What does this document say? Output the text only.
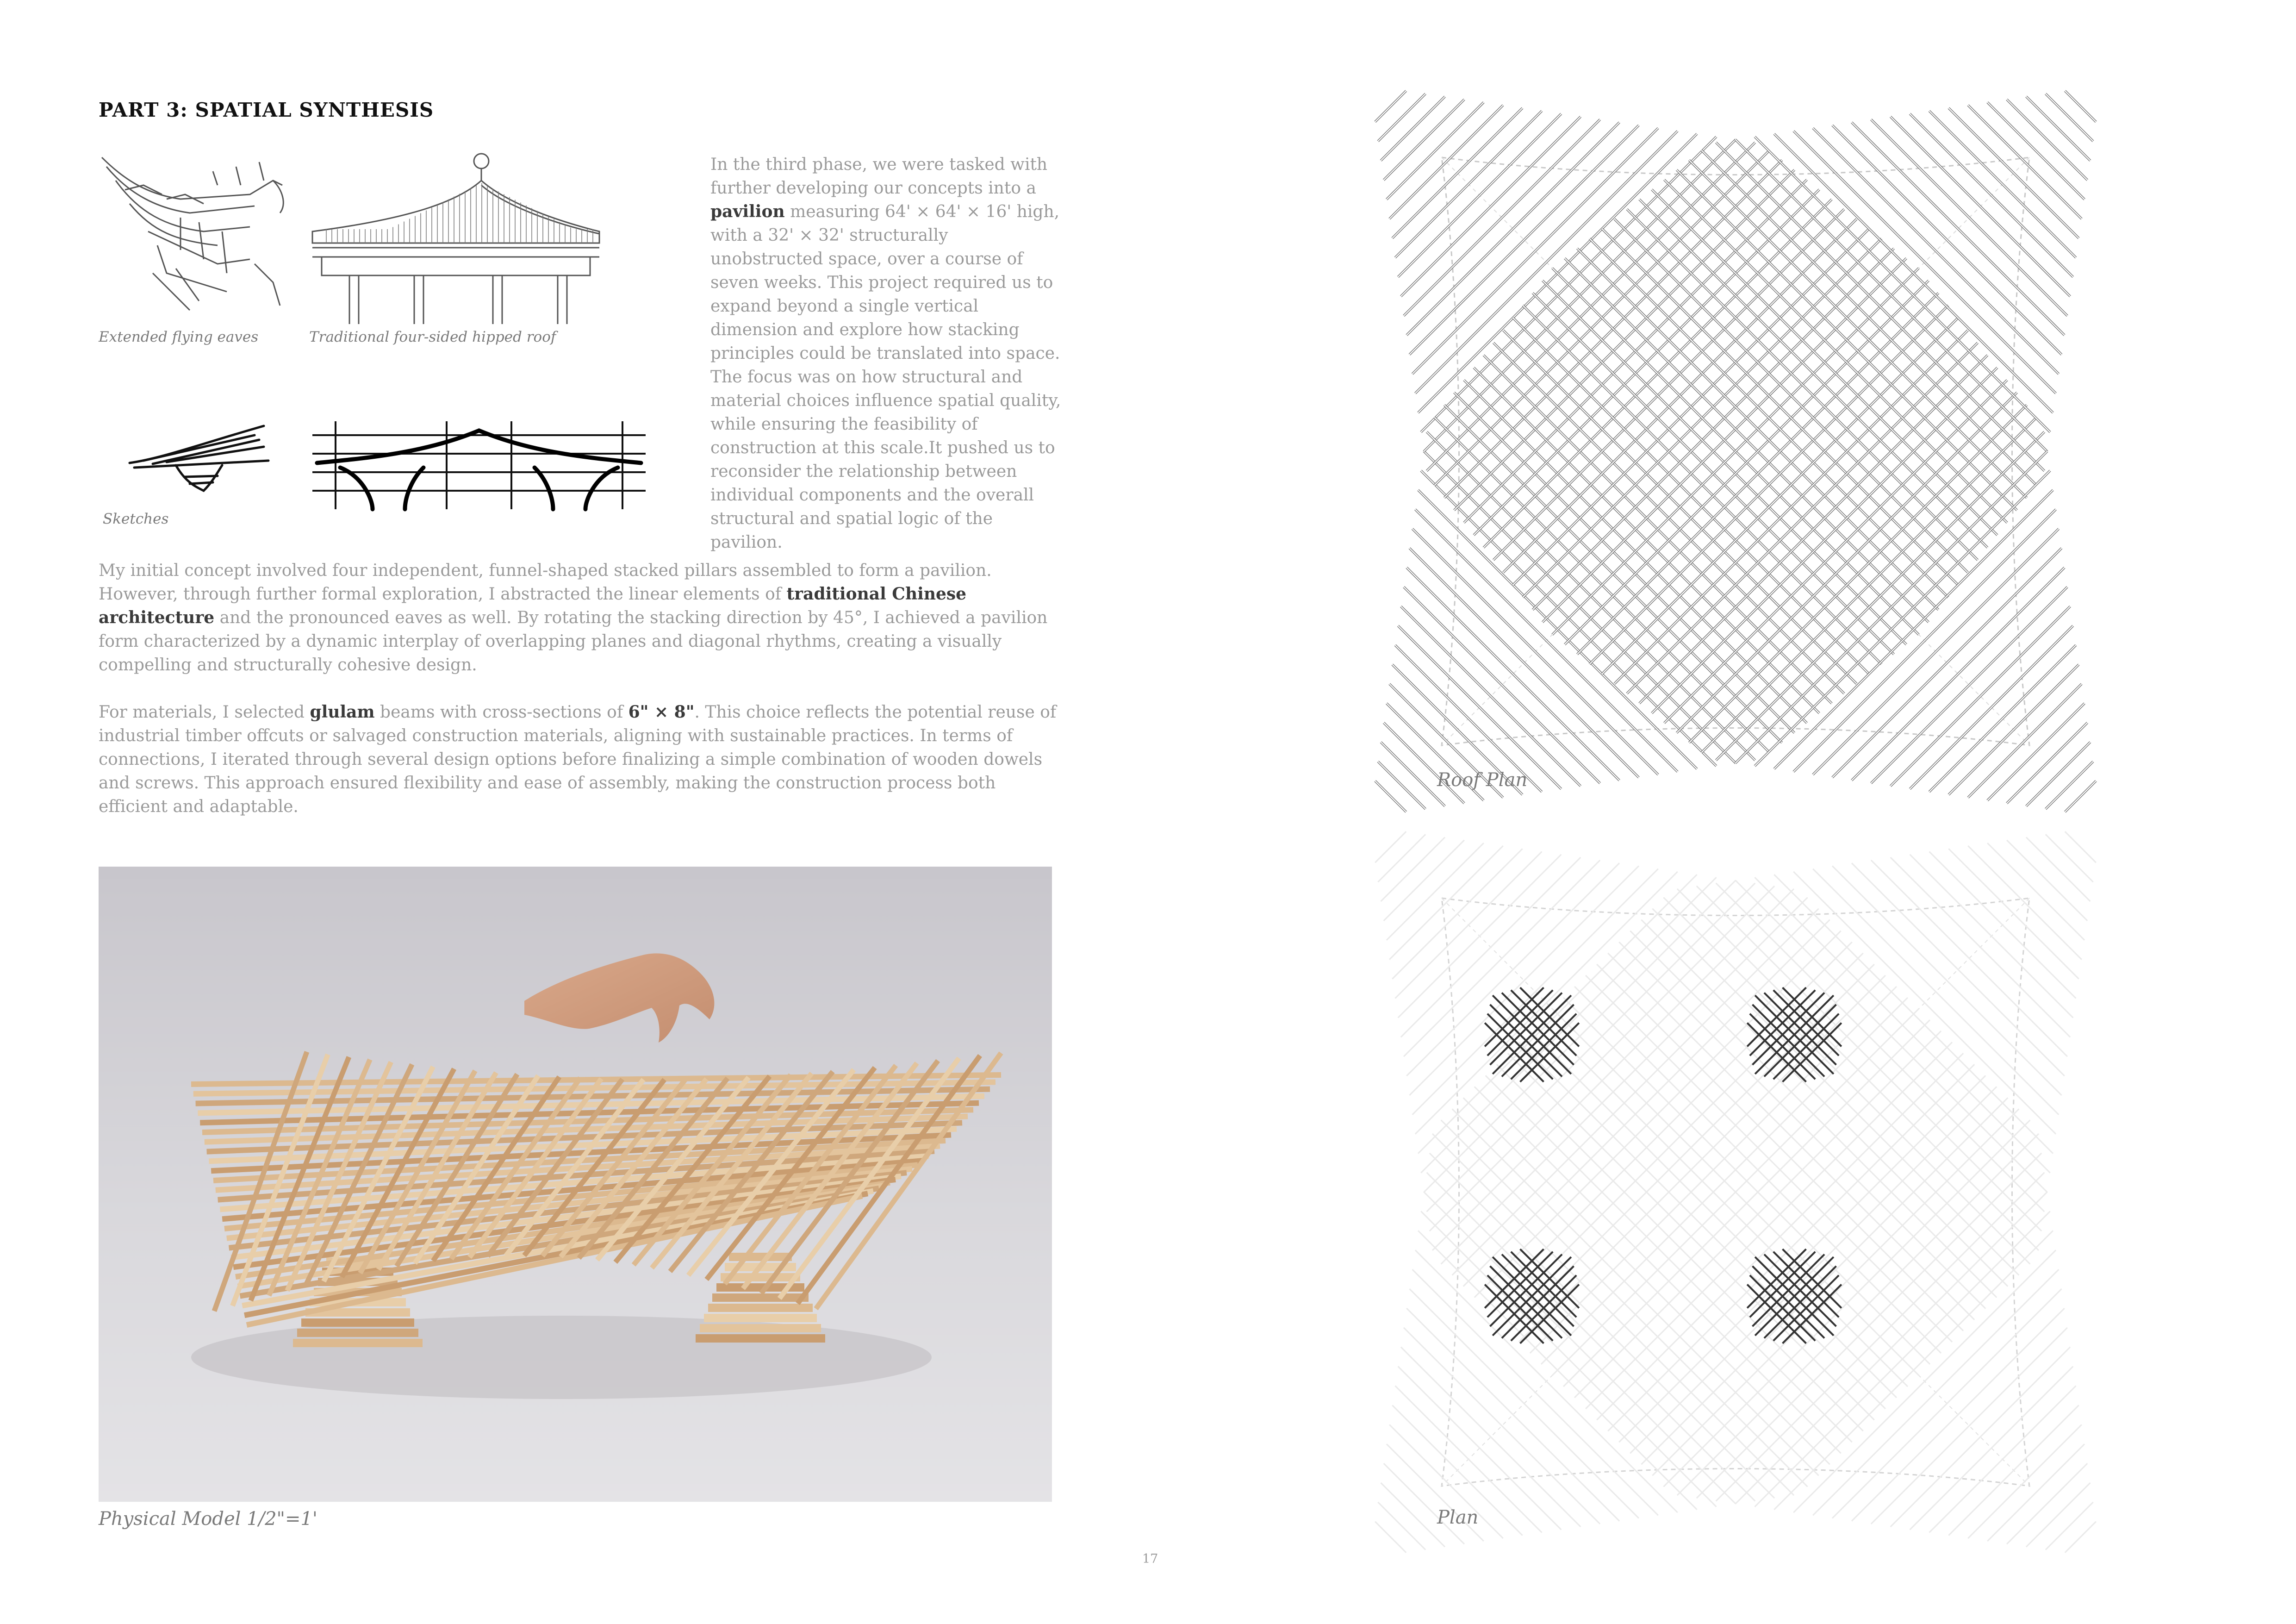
PART 3: SPATIAL SYNTHESIS
Extended flying eaves	Traditional four-sided hipped roof
Sketches
In the third phase, we were tasked with further developing our concepts into a pavilion measuring 64' × 64' × 16' high, with a 32' × 32' structurally unobstructed space, over a course of seven weeks. This project required us to expand beyond a single vertical dimension and explore how stacking principles could be translated into space. The focus was on how structural and material choices influence spatial quality, while ensuring the feasibility of construction at this scale.It pushed us to reconsider the relationship between individual components and the overall structural and spatial logic of the pavilion.
My initial concept involved four independent, funnel-shaped stacked pillars assembled to form a pavilion. However, through further formal exploration, I abstracted the linear elements of traditional Chinese architecture and the pronounced eaves as well. By rotating the stacking direction by 45°, I achieved a pavilion form characterized by a dynamic interplay of overlapping planes and diagonal rhythms, creating a visually compelling and structurally cohesive design.
For materials, I selected glulam beams with cross-sections of 6" × 8". This choice reflects the potential reuse of industrial timber offcuts or salvaged construction materials, aligning with sustainable practices. In terms of connections, I iterated through several design options before finalizing a simple combination of wooden dowels and screws. This approach ensured flexibility and ease of assembly, making the construction process both efficient and adaptable.
Physical Model 1/2"=1'
Roof Plan
Plan
17
